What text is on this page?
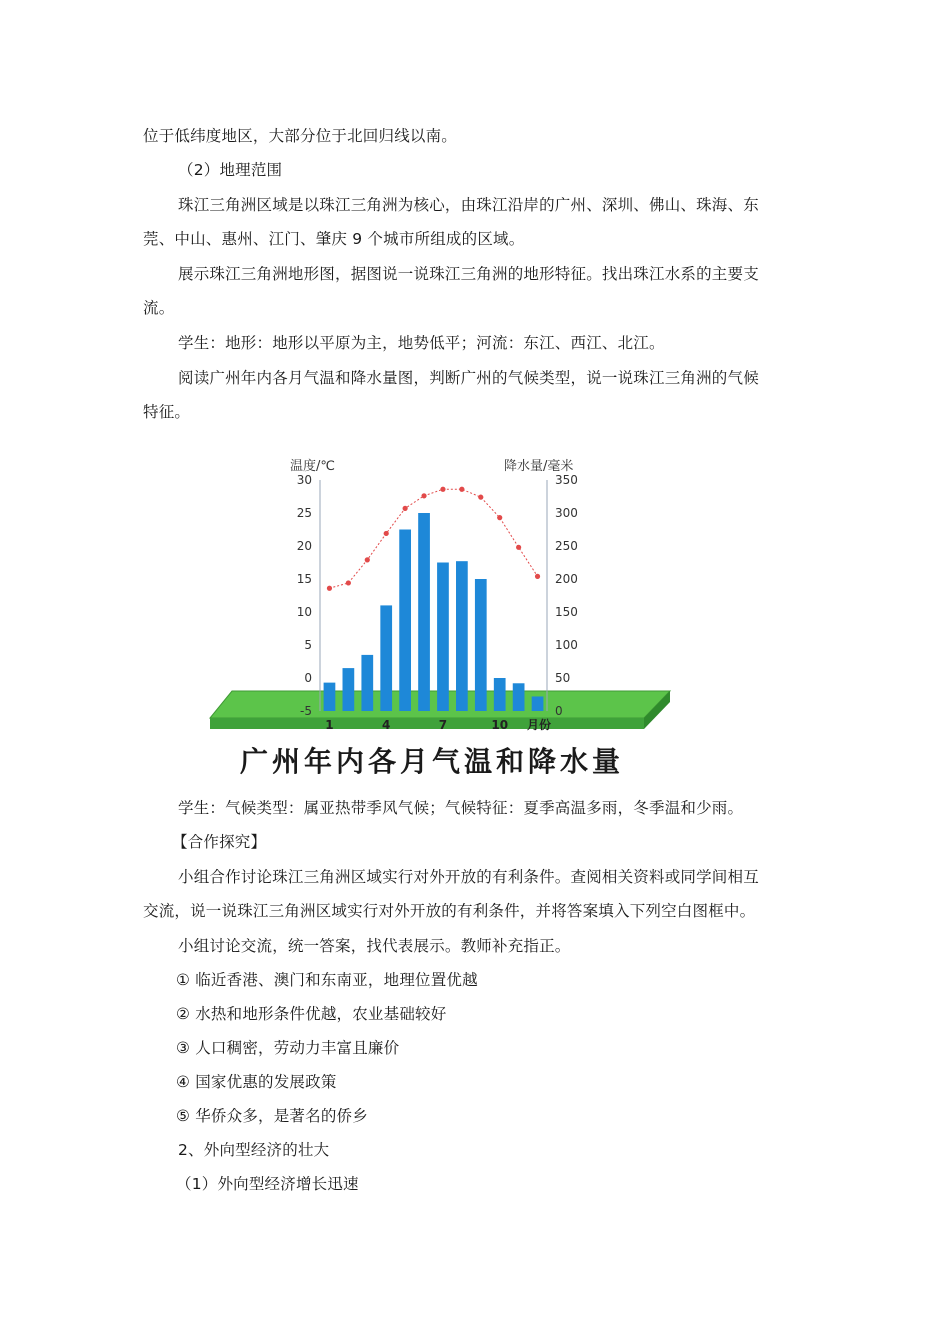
位于低纬度地区，大部分位于北回归线以南。
（2）地理范围
珠江三角洲区域是以珠江三角洲为核心，由珠江沿岸的广州、深圳、佛山、珠海、东
莞、中山、惠州、江门、肇庆 9 个城市所组成的区域。
展示珠江三角洲地形图，据图说一说珠江三角洲的地形特征。找出珠江水系的主要支
流。
学生：地形：地形以平原为主，地势低平；河流：东江、西江、北江。
阅读广州年内各月气温和降水量图，判断广州的气候类型，说一说珠江三角洲的气候
特征。
温度/℃	降水量/毫米
30
25
20
15
10
5
0
-5
350
300
250
200
150
100
50
0
1	4	7	10 月份
广州年内各月气温和降水量
学生：气候类型：属亚热带季风气候；气候特征：夏季高温多雨，冬季温和少雨。
【合作探究】
小组合作讨论珠江三角洲区域实行对外开放的有利条件。查阅相关资料或同学间相互
交流，说一说珠江三角洲区域实行对外开放的有利条件，并将答案填入下列空白图框中。
小组讨论交流，统一答案，找代表展示。教师补充指正。
① 临近香港、澳门和东南亚，地理位置优越
② 水热和地形条件优越，农业基础较好
③ 人口稠密，劳动力丰富且廉价
④ 国家优惠的发展政策
⑤ 华侨众多，是著名的侨乡
2、外向型经济的壮大
（1）外向型经济增长迅速
